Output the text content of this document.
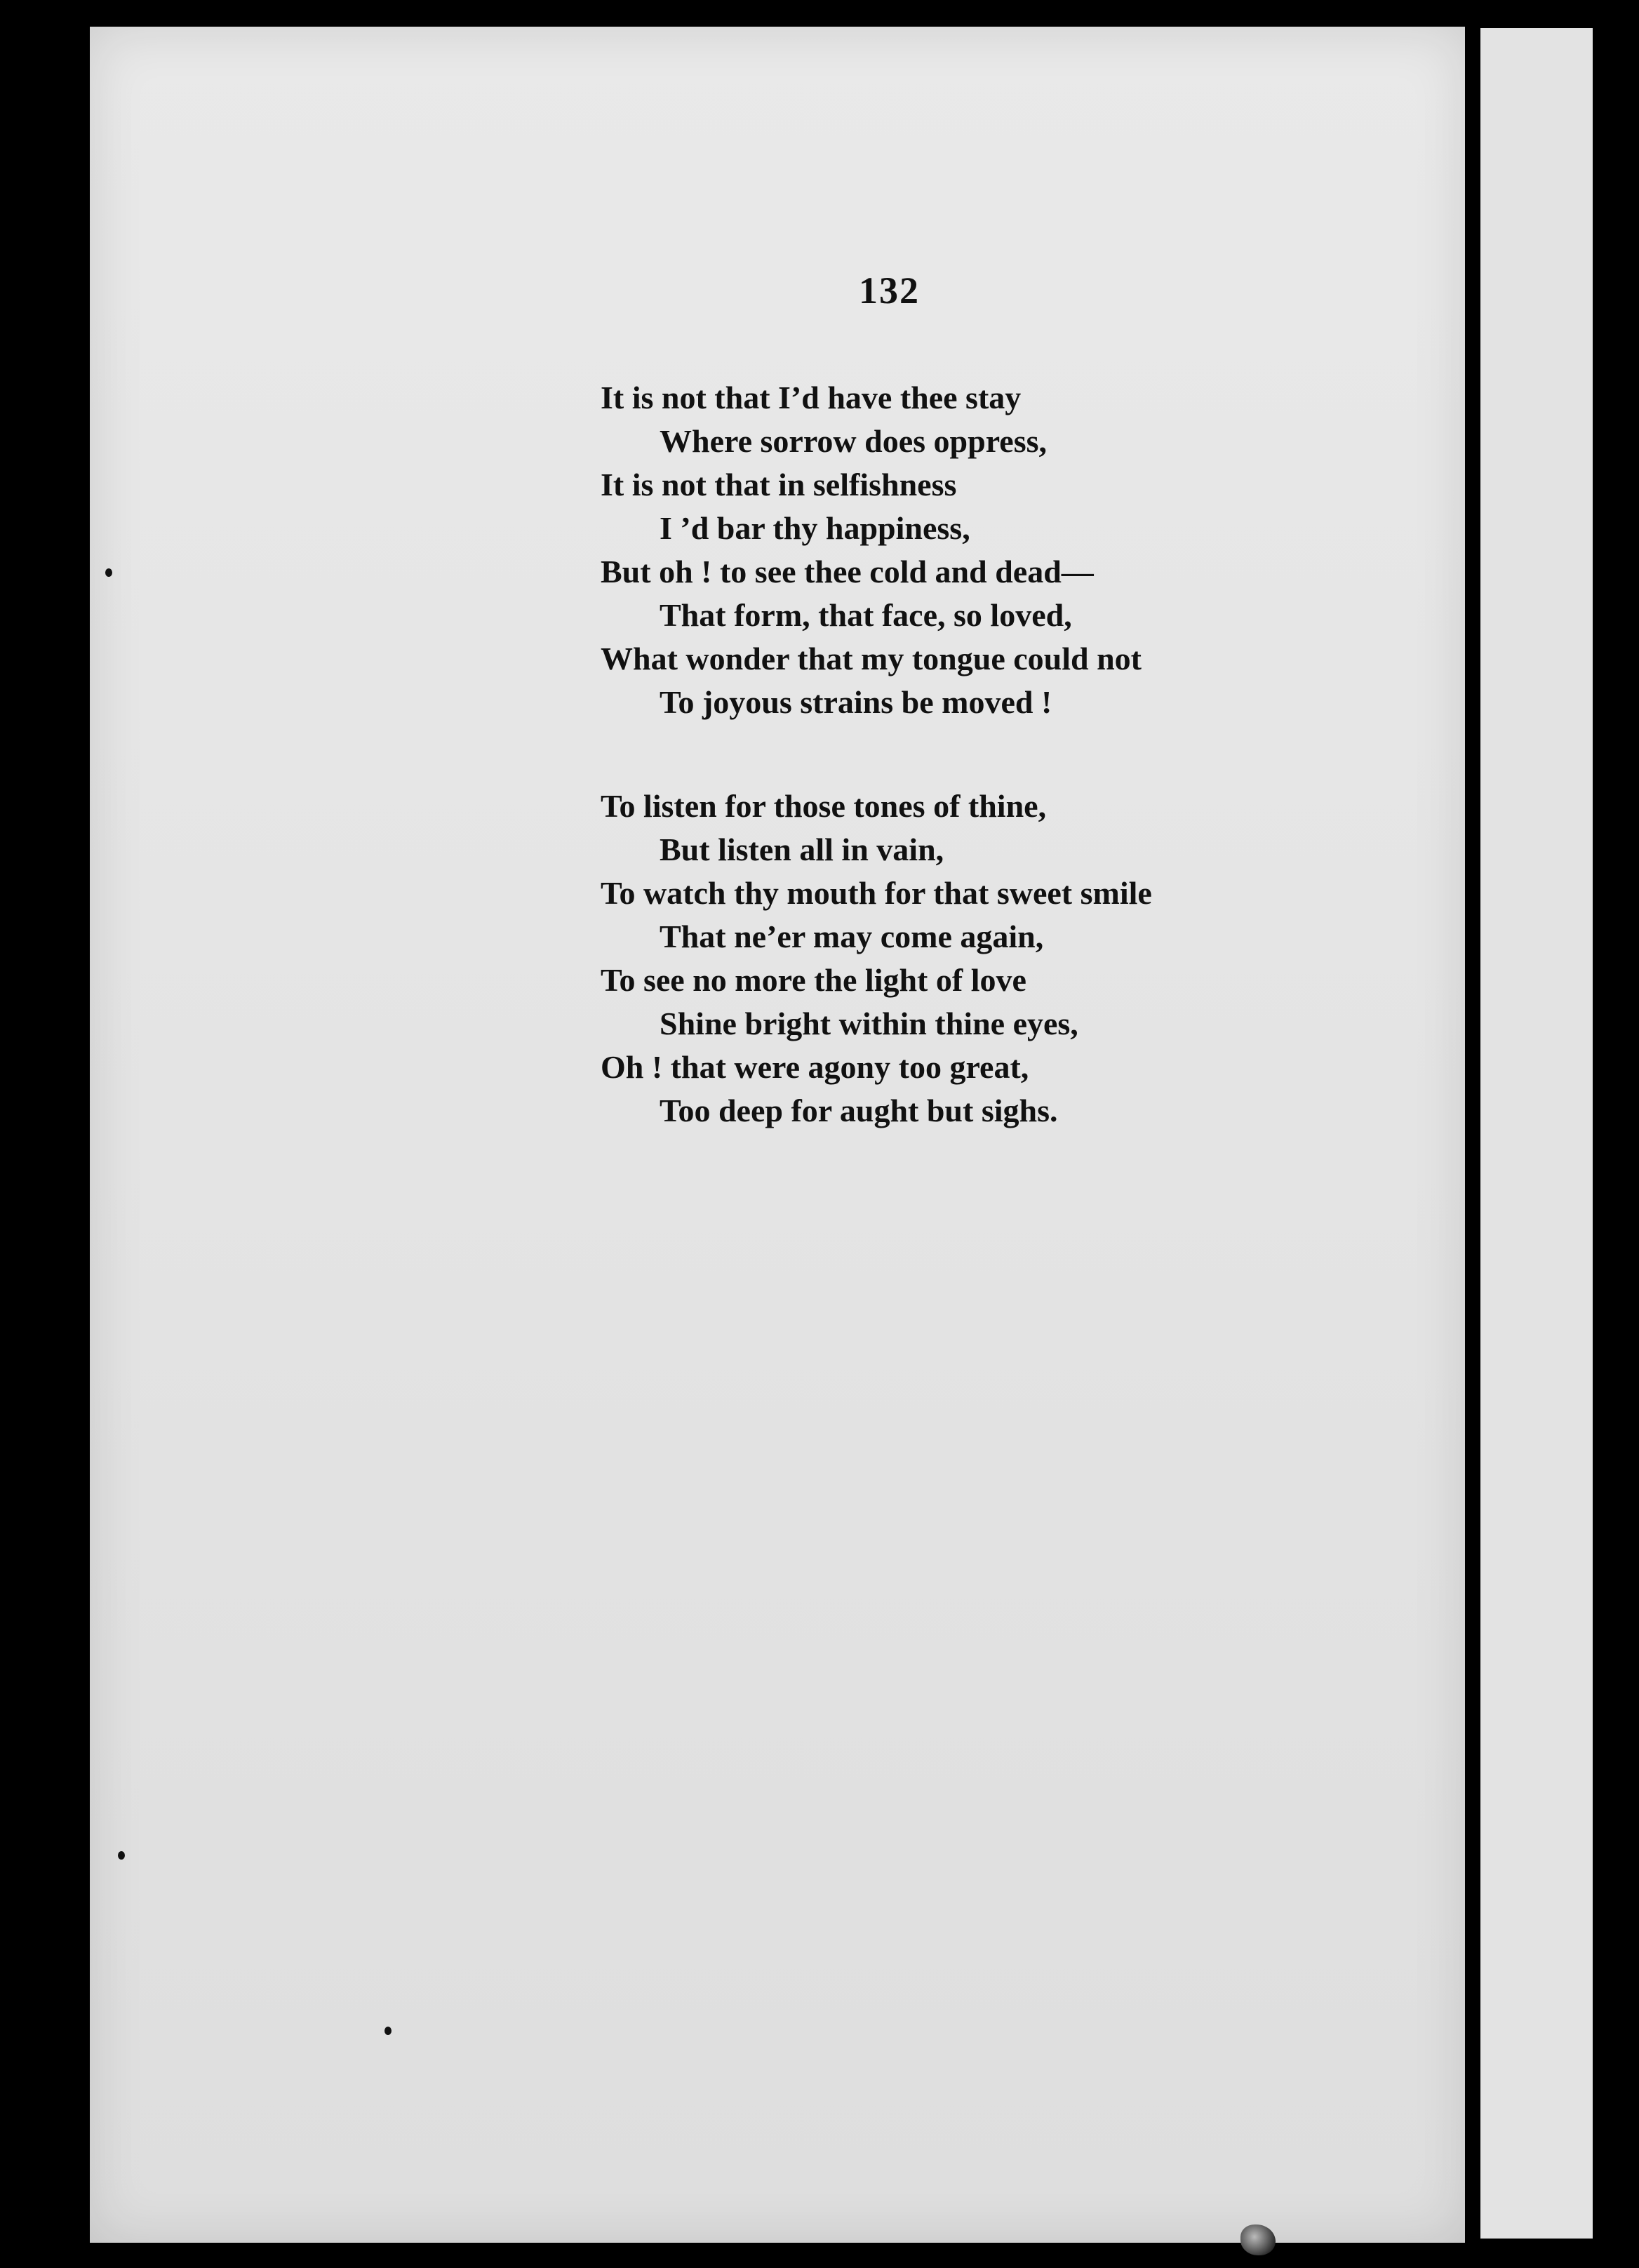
132
It is not that I’d have thee stay
Where sorrow does oppress,
It is not that in selfishness
I ’d bar thy happiness,
But oh ! to see thee cold and dead—
That form, that face, so loved,
What wonder that my tongue could not
To joyous strains be moved !
To listen for those tones of thine,
But listen all in vain,
To watch thy mouth for that sweet smile
That ne’er may come again,
To see no more the light of love
Shine bright within thine eyes,
Oh ! that were agony too great,
Too deep for aught but sighs.
